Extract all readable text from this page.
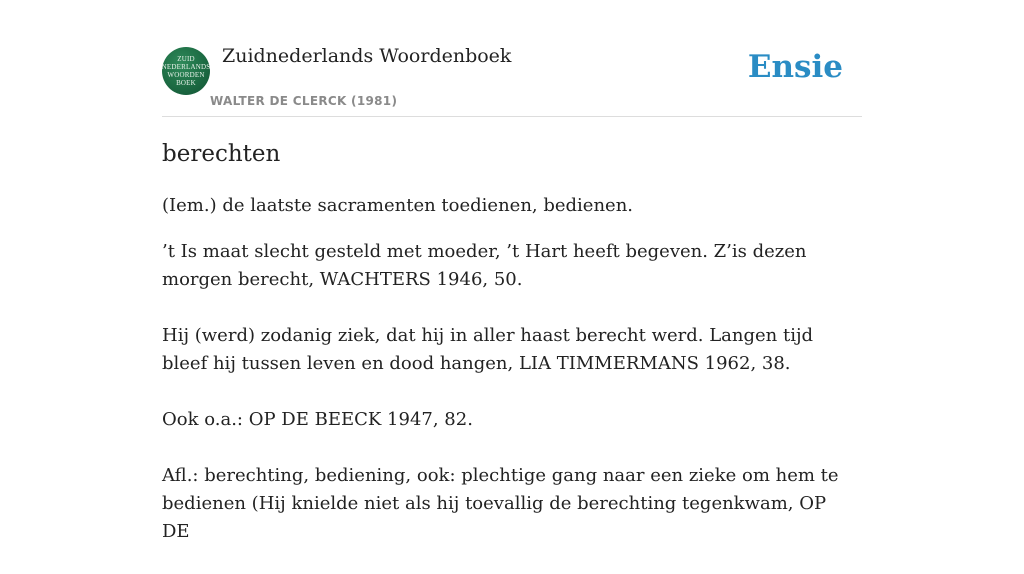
ZUID
NEDERLANDS
WOORDEN
BOEK
Zuidnederlands Woordenboek
WALTER DE CLERCK (1981)
Ensie
berechten

(Iem.) de laatste sacramenten toedienen, bedienen.

’t Is maat slecht gesteld met moeder, ’t Hart heeft begeven. Z’is dezen morgen berecht, WACHTERS 1946, 50.

Hij (werd) zodanig ziek, dat hij in aller haast berecht werd. Langen tijd bleef hij tussen leven en dood hangen, LIA TIMMERMANS 1962, 38.

Ook o.a.: OP DE BEECK 1947, 82.

Afl.: berechting, bediening, ook: plechtige gang naar een zieke om hem te bedienen (Hij knielde niet als hij toevallig de berechting tegenkwam, OP DE
